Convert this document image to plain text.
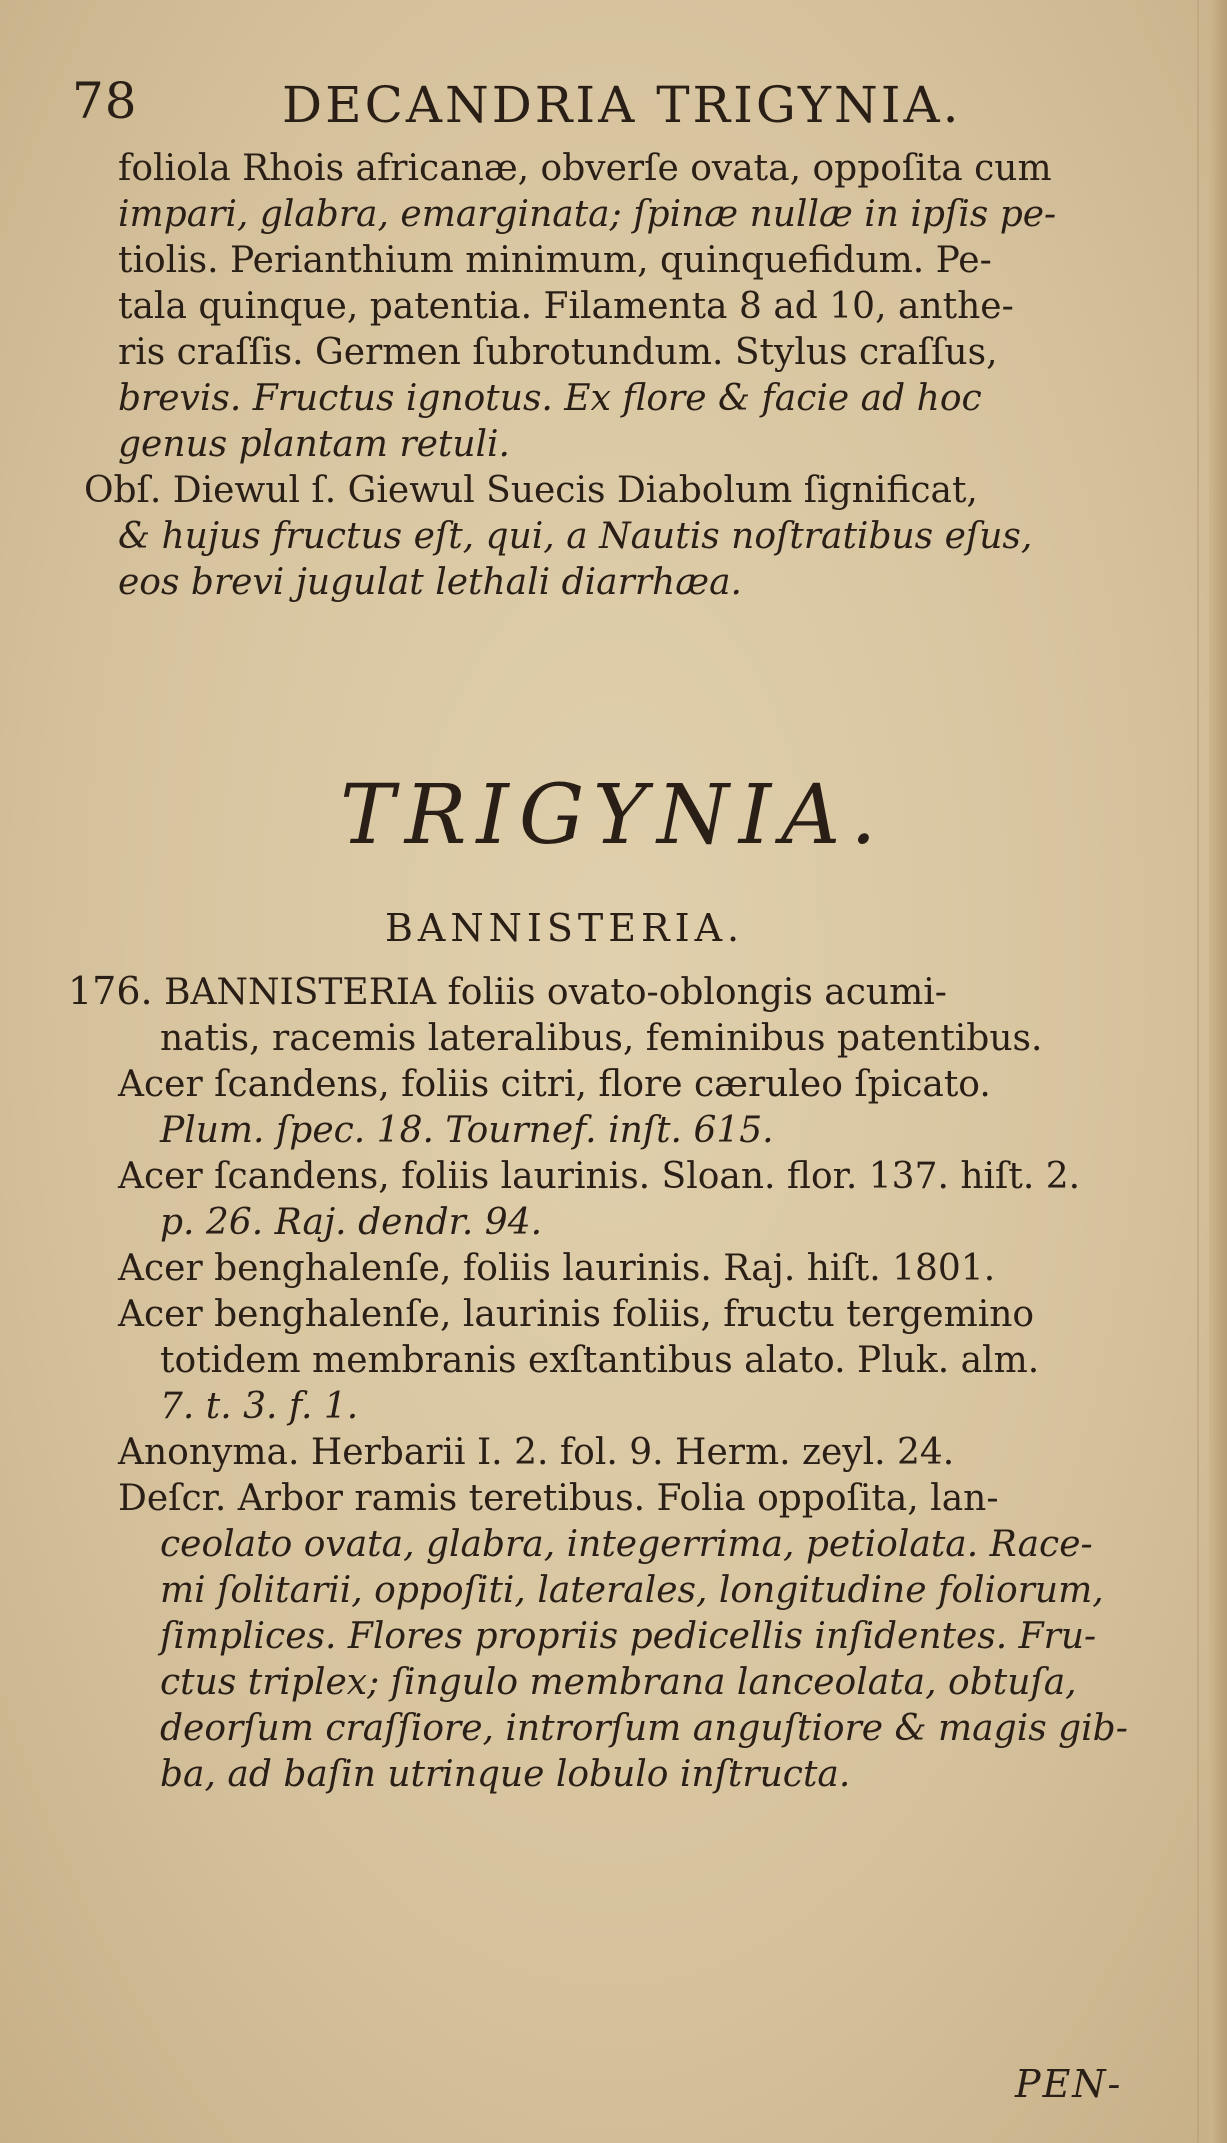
78	DECANDRIA TRIGYNIA.
foliola Rhois africanæ, obverſe ovata, oppoſita cum
impari, glabra, emarginata; ſpinæ nullæ in ipſis pe-
tiolis. Perianthium minimum, quinquefidum. Pe-
tala quinque, patentia. Filamenta 8 ad 10, anthe-
ris craſſis. Germen ſubrotundum. Stylus craſſus,
brevis. Fructus ignotus. Ex flore & facie ad hoc
genus plantam retuli.
Obſ. Diewul ſ. Giewul Suecis Diabolum ſignificat,
& hujus fructus eſt, qui, a Nautis noſtratibus eſus,
eos brevi jugulat lethali diarrhæa.
TRIGYNIA.
BANNISTERIA.
176. BANNISTERIA foliis ovato-oblongis acumi-
natis, racemis lateralibus, feminibus patentibus.
Acer ſcandens, foliis citri, flore cæruleo ſpicato.
Plum. ſpec. 18. Tournef. inſt. 615.
Acer ſcandens, foliis laurinis. Sloan. flor. 137. hiſt. 2.
p. 26. Raj. dendr. 94.
Acer benghalenſe, foliis laurinis. Raj. hiſt. 1801.
Acer benghalenſe, laurinis foliis, fructu tergemino
totidem membranis exſtantibus alato. Pluk. alm.
7. t. 3. f. 1.
Anonyma. Herbarii I. 2. fol. 9. Herm. zeyl. 24.
Deſcr. Arbor ramis teretibus. Folia oppoſita, lan-
ceolato ovata, glabra, integerrima, petiolata. Race-
mi ſolitarii, oppoſiti, laterales, longitudine foliorum,
ſimplices. Flores propriis pedicellis inſidentes. Fru-
ctus triplex; ſingulo membrana lanceolata, obtuſa,
deorſum craſſiore, introrſum anguſtiore & magis gib-
ba, ad baſin utrinque lobulo inſtructa.
PEN-
